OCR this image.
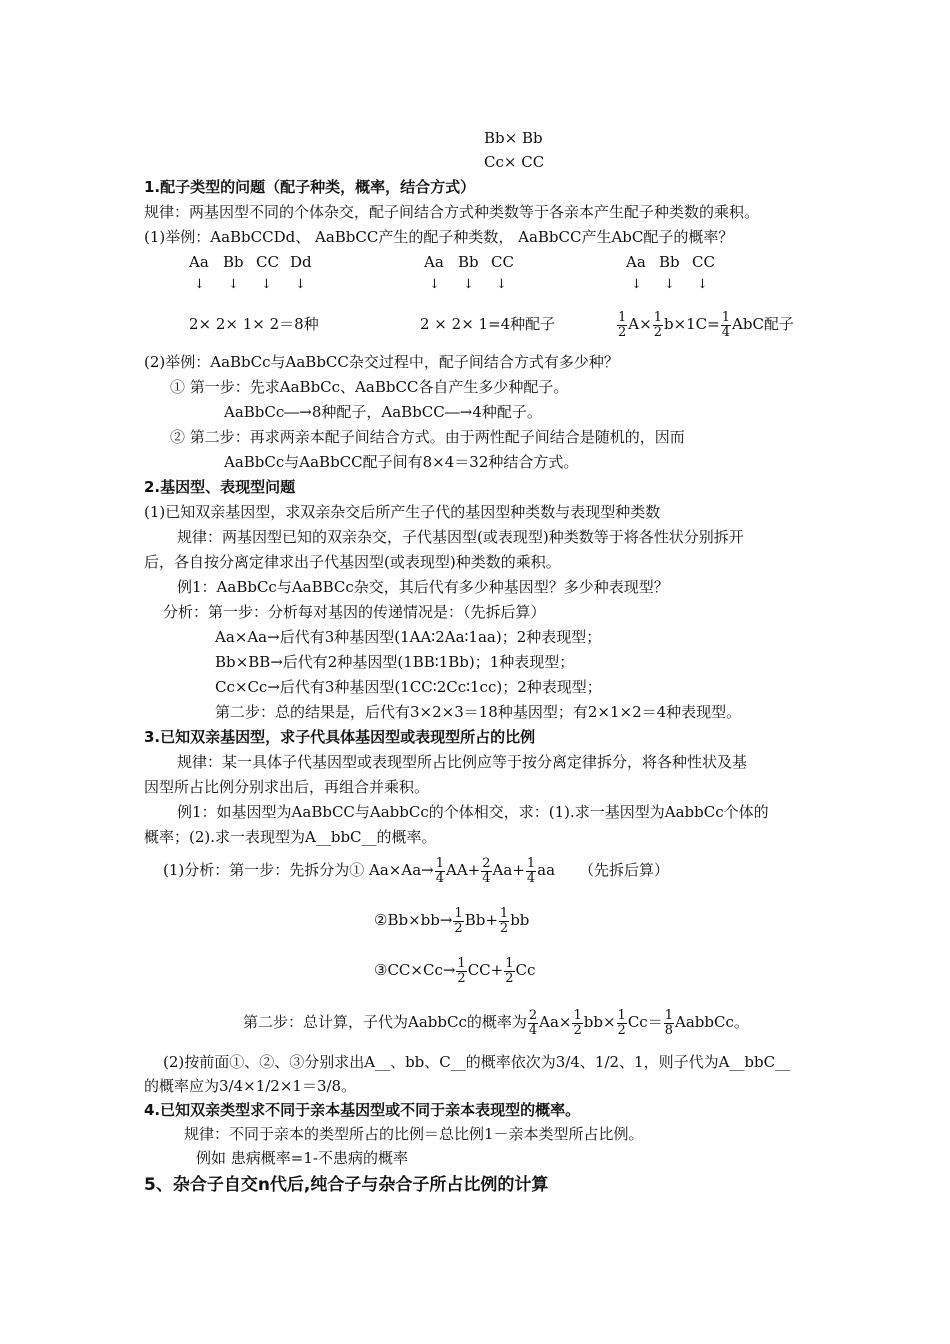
Bb× Bb
Cc× CC
1.配子类型的问题（配子种类，概率，结合方式）
规律：两基因型不同的个体杂交，配子间结合方式种类数等于各亲本产生配子种类数的乘积。
(1)举例：AaBbCCDd、 AaBbCC产生的配子种类数， AaBbCC产生AbC配子的概率？
Aa Bb CC Dd	Aa Bb CC	Aa Bb CC
↓ ↓ ↓ ↓	↓ ↓ ↓	↓ ↓ ↓
2× 2× 1× 2＝8种	2 × 2× 1=4种配子	$\frac{1}{2} A\times \frac{1}{2} b\times 1C= \frac{1}{4}$ AbC配子
(2)举例：AaBbCc与AaBbCC杂交过程中，配子间结合方式有多少种？
① 第一步：先求AaBbCc、AaBbCC各自产生多少种配子。
AaBbCc―→8种配子，AaBbCC―→4种配子。
② 第二步：再求两亲本配子间结合方式。由于两性配子间结合是随机的，因而
AaBbCc与AaBbCC配子间有8×4＝32种结合方式。
2.基因型、表现型问题
(1)已知双亲基因型，求双亲杂交后所产生子代的基因型种类数与表现型种类数
规律：两基因型已知的双亲杂交，子代基因型(或表现型)种类数等于将各性状分别拆开
后，各自按分离定律求出子代基因型(或表现型)种类数的乘积。
例1：AaBbCc与AaBBCc杂交，其后代有多少种基因型？多少种表现型？
分析：第一步：分析每对基因的传递情况是：（先拆后算）
Aa×Aa→后代有3种基因型(1AA∶2Aa∶1aa)；2种表现型；
Bb×BB→后代有2种基因型(1BB∶1Bb)；1种表现型；
Cc×Cc→后代有3种基因型(1CC∶2Cc∶1cc)；2种表现型；
第二步：总的结果是，后代有3×2×3＝18种基因型；有2×1×2＝4种表现型。
3.已知双亲基因型，求子代具体基因型或表现型所占的比例
规律：某一具体子代基因型或表现型所占比例应等于按分离定律拆分，将各种性状及基
因型所占比例分别求出后，再组合并乘积。
例1：如基因型为AaBbCC与AabbCc的个体相交，求：(1).求一基因型为AabbCc个体的
概率；(2).求一表现型为A__bbC__的概率。
(1)分析：第一步：先拆分为① $Aa\times Aa\to \frac{1}{4} AA+ \frac{2}{4} Aa+ \frac{1}{4}$ aa （先拆后算）
②Bb×bb→ $\frac{1}{2} Bb+ \frac{1}{2}$ bb
③CC×Cc→ $\frac{1}{2} CC+ \frac{1}{2}$ Cc
第二步：总计算，子代为AabbCc的概率为 $\frac{2}{4} Aa\times \frac{1}{2} bb\times \frac{1}{2} Cc= \frac{1}{8}$ AabbCc。
(2)按前面①、②、③分别求出A__、bb、C__的概率依次为3/4、1/2、1，则子代为A__bbC__
的概率应为3/4×1/2×1＝3/8。
4.已知双亲类型求不同于亲本基因型或不同于亲本表现型的概率。
规律：不同于亲本的类型所占的比例＝总比例1－亲本类型所占比例。
例如 患病概率=1-不患病的概率
5、杂合子自交n代后,纯合子与杂合子所占比例的计算
